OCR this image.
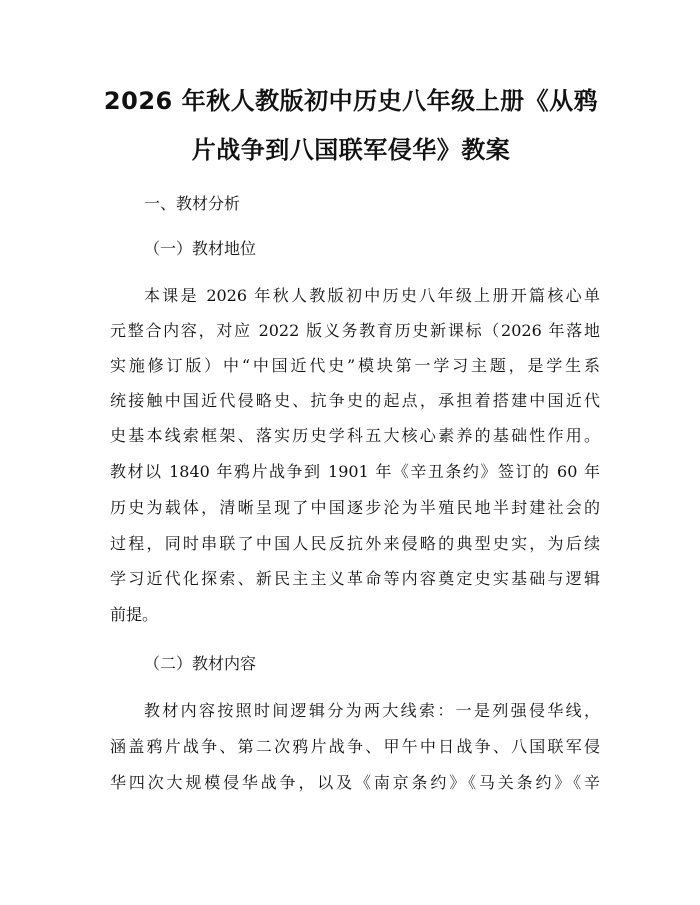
2026 年秋人教版初中历史八年级上册《从鸦
片战争到八国联军侵华》教案
一、教材分析
（一）教材地位
本课是 2026 年秋人教版初中历史八年级上册开篇核心单
元整合内容，对应 2022 版义务教育历史新课标（2026 年落地
实施修订版）中“中国近代史”模块第一学习主题，是学生系
统接触中国近代侵略史、抗争史的起点，承担着搭建中国近代
史基本线索框架、落实历史学科五大核心素养的基础性作用。
教材以 1840 年鸦片战争到 1901 年《辛丑条约》签订的 60 年
历史为载体，清晰呈现了中国逐步沦为半殖民地半封建社会的
过程，同时串联了中国人民反抗外来侵略的典型史实，为后续
学习近代化探索、新民主主义革命等内容奠定史实基础与逻辑
前提。
（二）教材内容
教材内容按照时间逻辑分为两大线索：一是列强侵华线，
涵盖鸦片战争、第二次鸦片战争、甲午中日战争、八国联军侵
华四次大规模侵华战争，以及《南京条约》《马关条约》《辛
